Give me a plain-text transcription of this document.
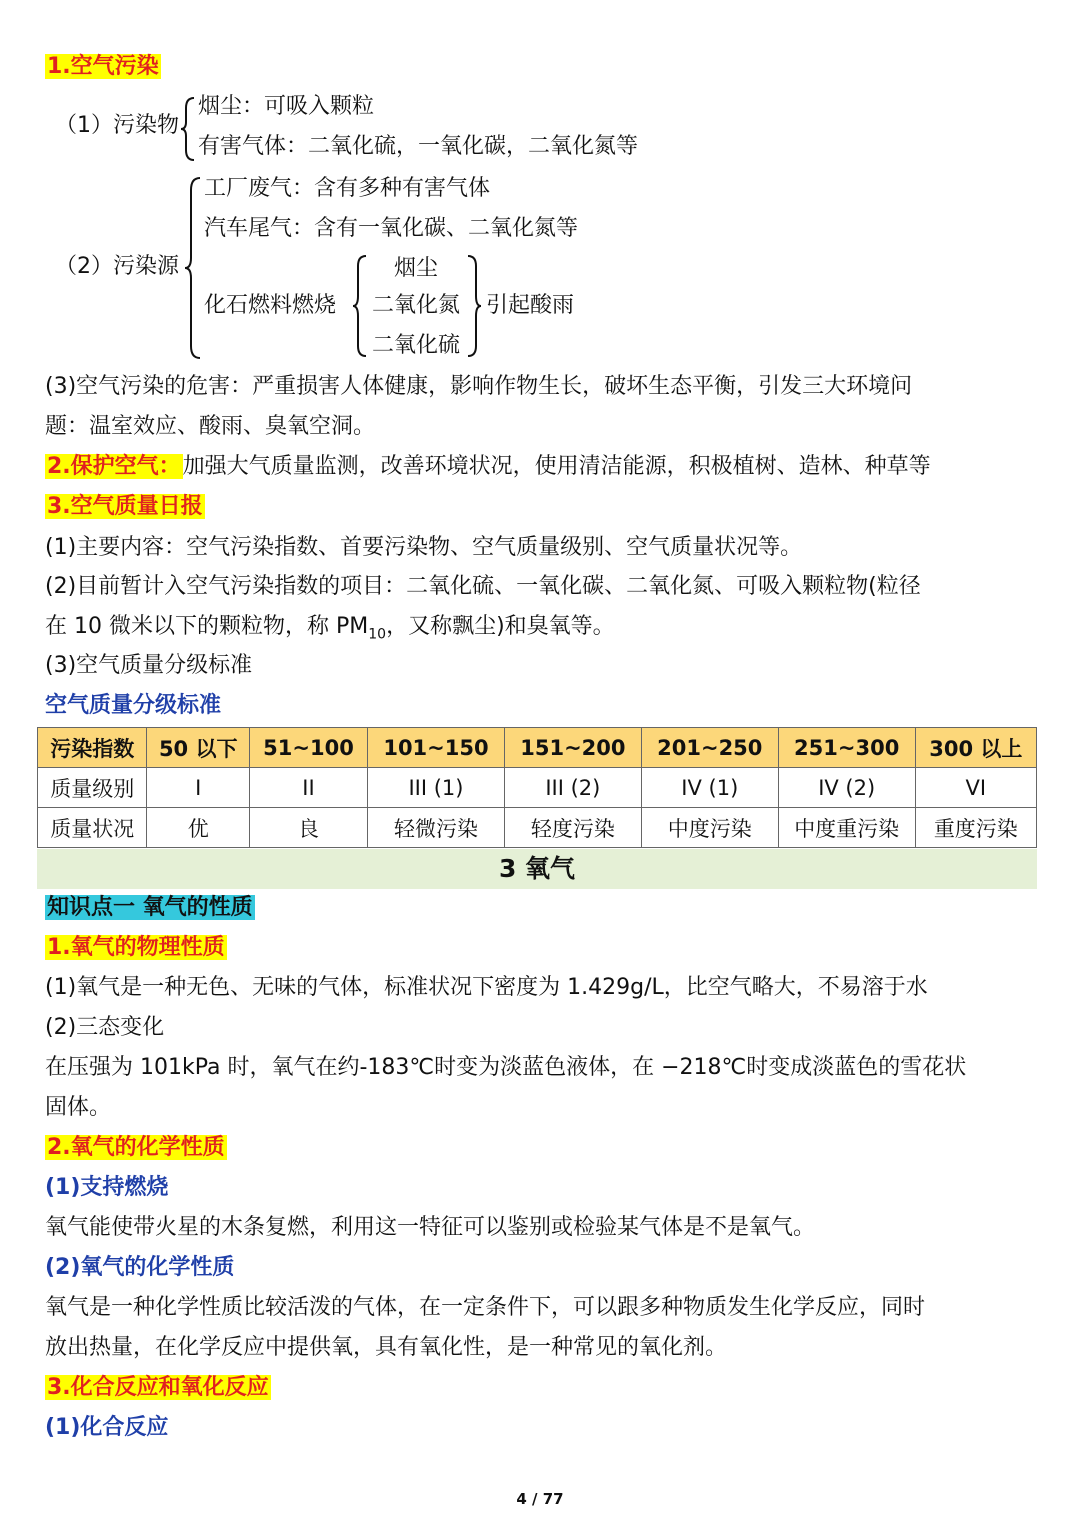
1.空气污染
（1）污染物
烟尘：可吸入颗粒
有害气体：二氧化硫，一氧化碳，二氧化氮等
（2）污染源
工厂废气：含有多种有害气体
汽车尾气：含有一氧化碳、二氧化氮等
化石燃料燃烧
烟尘
二氧化氮
二氧化硫
引起酸雨
(3)空气污染的危害：严重损害人体健康，影响作物生长，破坏生态平衡，引发三大环境问
题：温室效应、酸雨、臭氧空洞。
2.保护空气：加强大气质量监测，改善环境状况，使用清洁能源，积极植树、造林、种草等
3.空气质量日报
(1)主要内容：空气污染指数、首要污染物、空气质量级别、空气质量状况等。
(2)目前暂计入空气污染指数的项目：二氧化硫、一氧化碳、二氧化氮、可吸入颗粒物(粒径
在 10 微米以下的颗粒物，称 $PM_{10}$，又称飘尘)和臭氧等。
(3)空气质量分级标准
空气质量分级标准
污染指数	50 以下	51~100	101~150	151~200	201~250	251~300	300 以上
质量级别	I	II	III (1)	III (2)	IV (1)	IV (2)	VI
质量状况	优	良	轻微污染	轻度污染	中度污染	中度重污染	重度污染
3 氧气
知识点一 氧气的性质
1.氧气的物理性质
(1)氧气是一种无色、无味的气体，标准状况下密度为 1.429g/L，比空气略大，不易溶于水
(2)三态变化
在压强为 101kPa 时，氧气在约-183℃时变为淡蓝色液体，在 −218℃时变成淡蓝色的雪花状
固体。
2.氧气的化学性质
(1)支持燃烧
氧气能使带火星的木条复燃，利用这一特征可以鉴别或检验某气体是不是氧气。
(2)氧气的化学性质
氧气是一种化学性质比较活泼的气体，在一定条件下，可以跟多种物质发生化学反应，同时
放出热量，在化学反应中提供氧，具有氧化性，是一种常见的氧化剂。
3.化合反应和氧化反应
(1)化合反应
4 / 77
